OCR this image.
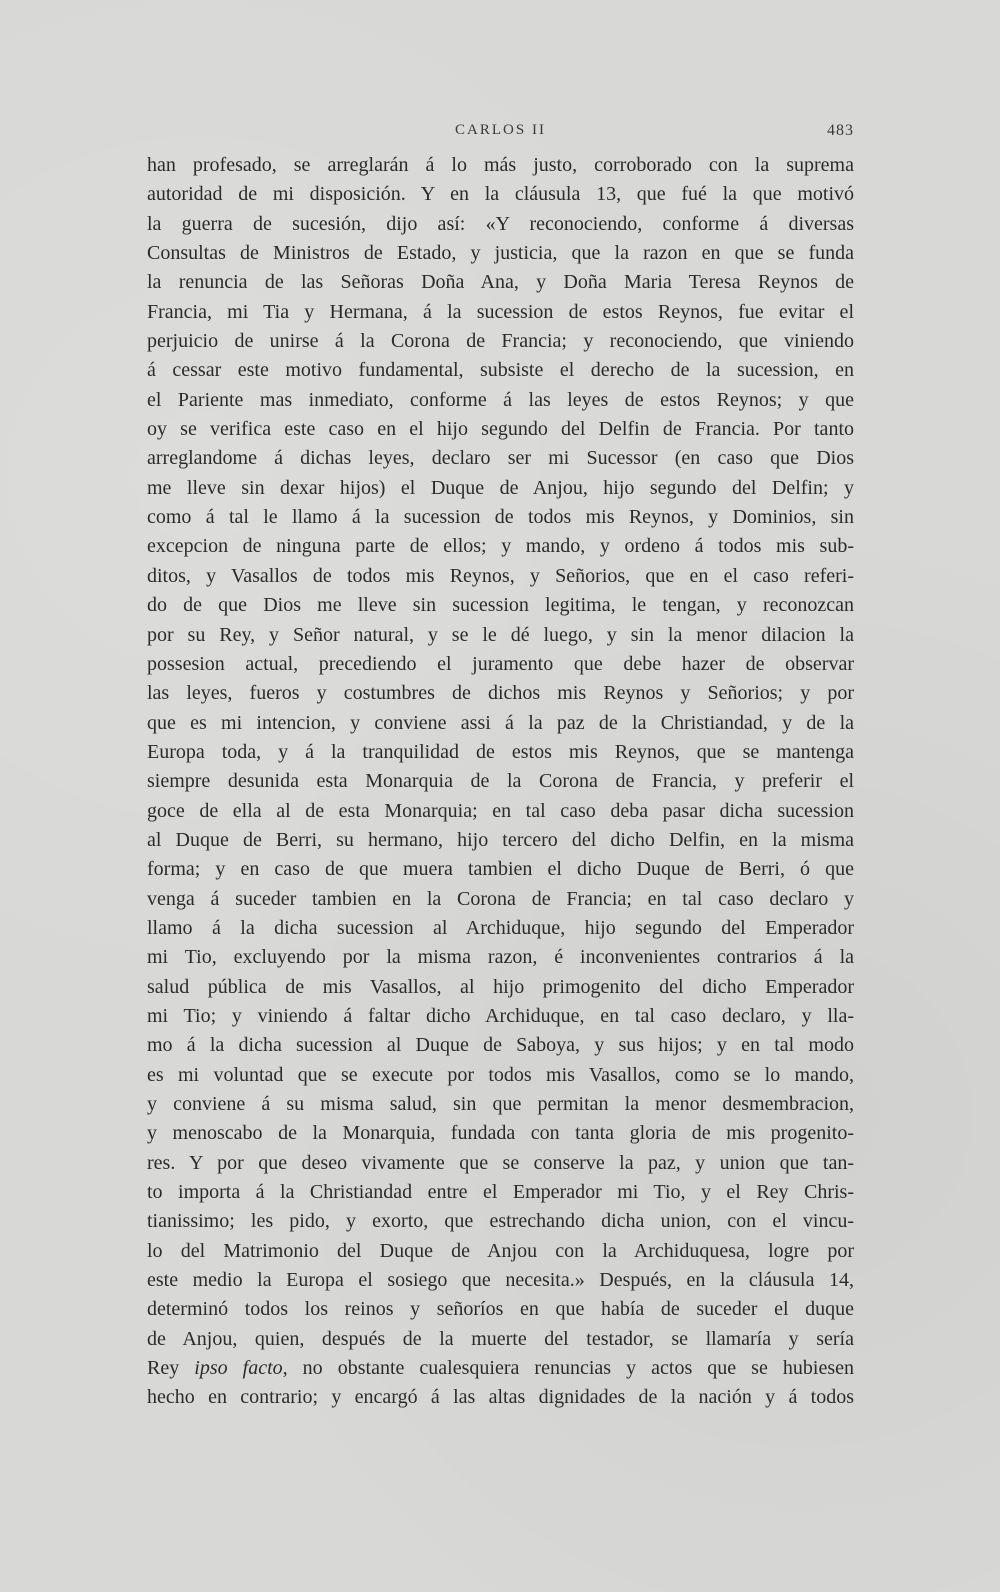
CARLOS II	483
han profesado, se arreglarán á lo más justo, corroborado con la suprema
autoridad de mi disposición. Y en la cláusula 13, que fué la que motivó
la guerra de sucesión, dijo así: «Y reconociendo, conforme á diversas
Consultas de Ministros de Estado, y justicia, que la razon en que se funda
la renuncia de las Señoras Doña Ana, y Doña Maria Teresa Reynos de
Francia, mi Tia y Hermana, á la sucession de estos Reynos, fue evitar el
perjuicio de unirse á la Corona de Francia; y reconociendo, que viniendo
á cessar este motivo fundamental, subsiste el derecho de la sucession, en
el Pariente mas inmediato, conforme á las leyes de estos Reynos; y que
oy se verifica este caso en el hijo segundo del Delfin de Francia. Por tanto
arreglandome á dichas leyes, declaro ser mi Sucessor (en caso que Dios
me lleve sin dexar hijos) el Duque de Anjou, hijo segundo del Delfin; y
como á tal le llamo á la sucession de todos mis Reynos, y Dominios, sin
excepcion de ninguna parte de ellos; y mando, y ordeno á todos mis sub-
ditos, y Vasallos de todos mis Reynos, y Señorios, que en el caso referi-
do de que Dios me lleve sin sucession legitima, le tengan, y reconozcan
por su Rey, y Señor natural, y se le dé luego, y sin la menor dilacion la
possesion actual, precediendo el juramento que debe hazer de observar
las leyes, fueros y costumbres de dichos mis Reynos y Señorios; y por
que es mi intencion, y conviene assi á la paz de la Christiandad, y de la
Europa toda, y á la tranquilidad de estos mis Reynos, que se mantenga
siempre desunida esta Monarquia de la Corona de Francia, y preferir el
goce de ella al de esta Monarquia; en tal caso deba pasar dicha sucession
al Duque de Berri, su hermano, hijo tercero del dicho Delfin, en la misma
forma; y en caso de que muera tambien el dicho Duque de Berri, ó que
venga á suceder tambien en la Corona de Francia; en tal caso declaro y
llamo á la dicha sucession al Archiduque, hijo segundo del Emperador
mi Tio, excluyendo por la misma razon, é inconvenientes contrarios á la
salud pública de mis Vasallos, al hijo primogenito del dicho Emperador
mi Tio; y viniendo á faltar dicho Archiduque, en tal caso declaro, y lla-
mo á la dicha sucession al Duque de Saboya, y sus hijos; y en tal modo
es mi voluntad que se execute por todos mis Vasallos, como se lo mando,
y conviene á su misma salud, sin que permitan la menor desmembracion,
y menoscabo de la Monarquia, fundada con tanta gloria de mis progenito-
res. Y por que deseo vivamente que se conserve la paz, y union que tan-
to importa á la Christiandad entre el Emperador mi Tio, y el Rey Chris-
tianissimo; les pido, y exorto, que estrechando dicha union, con el vincu-
lo del Matrimonio del Duque de Anjou con la Archiduquesa, logre por
este medio la Europa el sosiego que necesita.» Después, en la cláusula 14,
determinó todos los reinos y señoríos en que había de suceder el duque
de Anjou, quien, después de la muerte del testador, se llamaría y sería
Rey ipso facto, no obstante cualesquiera renuncias y actos que se hubiesen
hecho en contrario; y encargó á las altas dignidades de la nación y á todos
